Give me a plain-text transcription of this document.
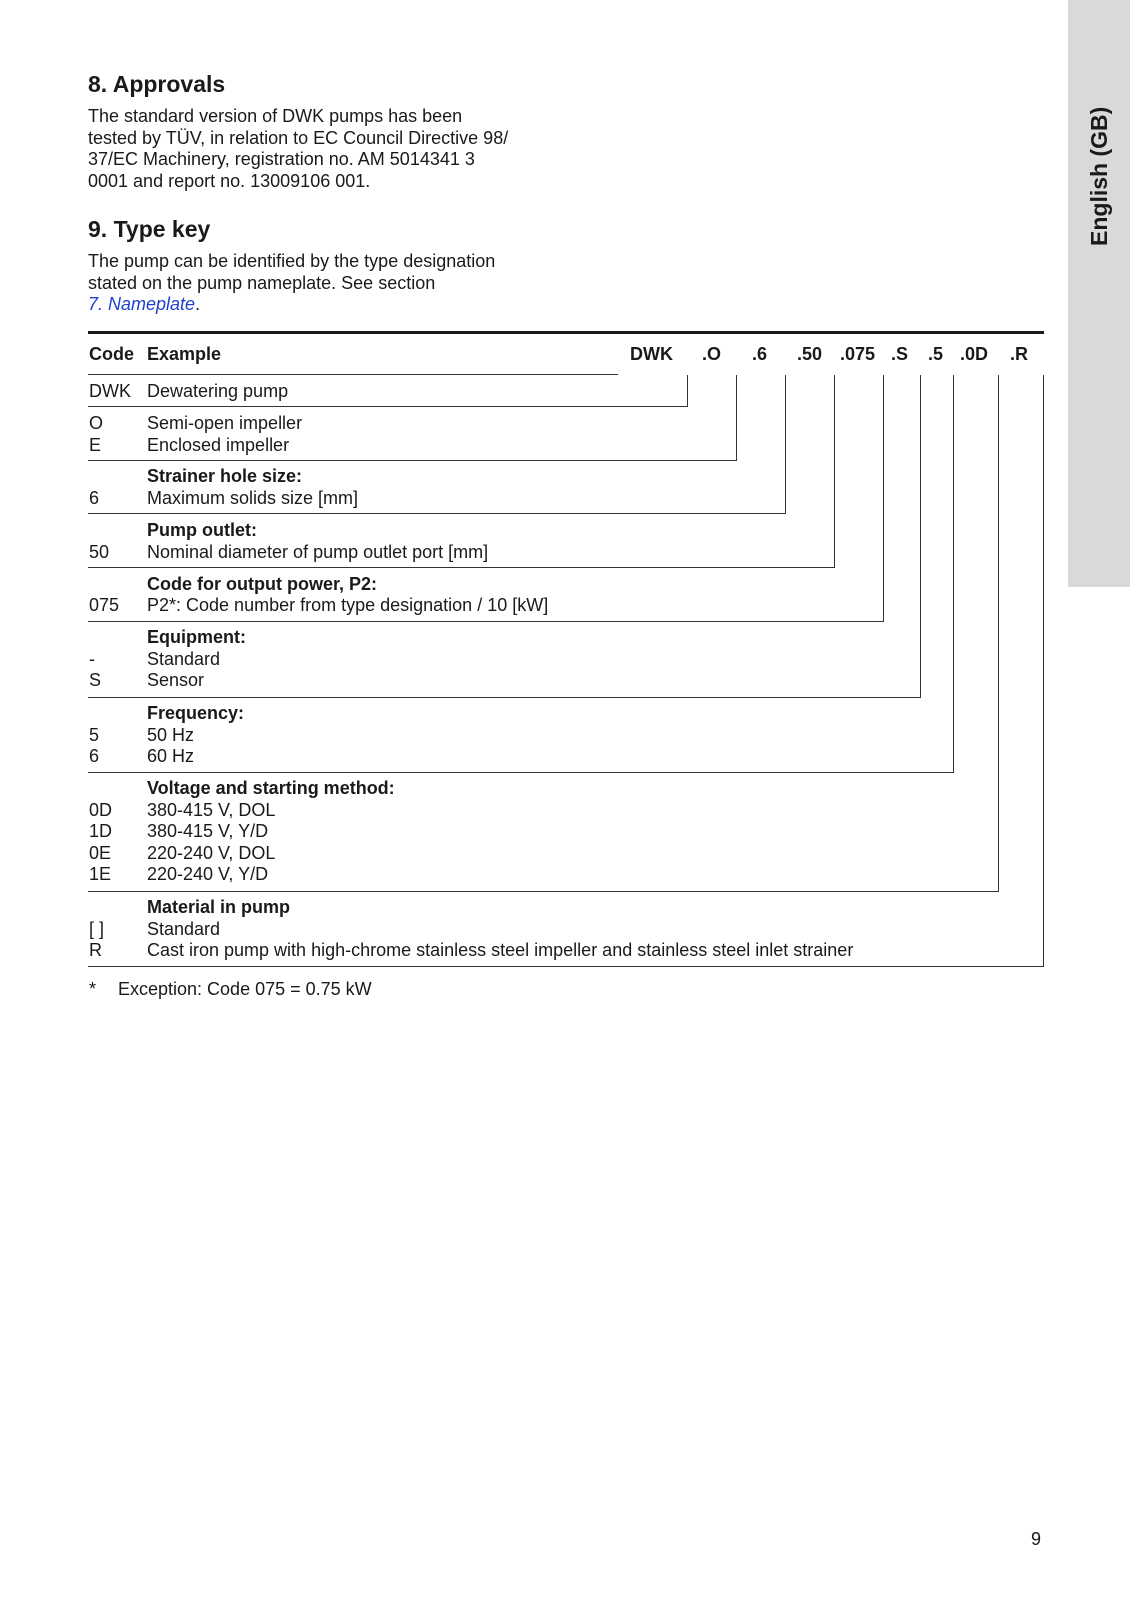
English (GB)
8. Approvals
The standard version of DWK pumps has been
tested by TÜV, in relation to EC Council Directive 98/
37/EC Machinery, registration no. AM 5014341 3
0001 and report no. 13009106 001.
9. Type key
The pump can be identified by the type designation
stated on the pump nameplate. See section
7. Nameplate.
Code Example	DWK .O .6 .50 .075 .S .5 .0D .R
DWK Dewatering pump
O
E
Semi-open impeller
Enclosed impeller
Strainer hole size:
6	Maximum solids size [mm]
Pump outlet:
50 Nominal diameter of pump outlet port [mm]
Code for output power, P2:
075 P2*: Code number from type designation / 10 [kW]
Equipment:
-
S
Standard
Sensor
Frequency:
5
6
50 Hz
60 Hz
Voltage and starting method:
0D
1D
0E
1E
380-415 V, DOL
380-415 V, Y/D
220-240 V, DOL
220-240 V, Y/D
Material in pump
[ ]
R
Standard
Cast iron pump with high-chrome stainless steel impeller and stainless steel inlet strainer
* Exception: Code 075 = 0.75 kW
9
